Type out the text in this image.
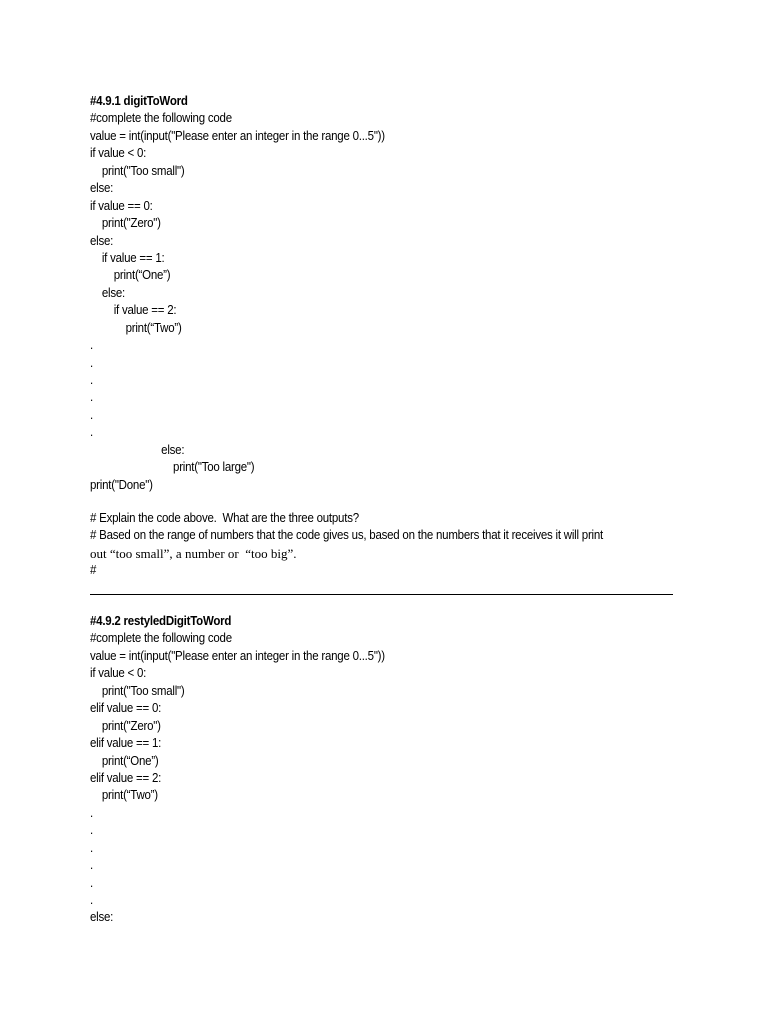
#4.9.1 digitToWord
#complete the following code
value = int(input("Please enter an integer in the range 0...5"))
if value < 0:
print("Too small")
else:
if value == 0:
print("Zero")
else:
if value == 1:
print(“One”)
else:
if value == 2:
print(“Two”)
.
.
.
.
.
.
else:
print("Too large")
print("Done")
# Explain the code above.  What are the three outputs?
# Based on the range of numbers that the code gives us, based on the numbers that it receives it will print
out “too small”, a number or  “too big”.
#
#4.9.2 restyledDigitToWord
#complete the following code
value = int(input("Please enter an integer in the range 0...5"))
if value < 0:
print("Too small")
elif value == 0:
print("Zero")
elif value == 1:
print(“One”)
elif value == 2:
print(“Two”)
.
.
.
.
.
.
else:
